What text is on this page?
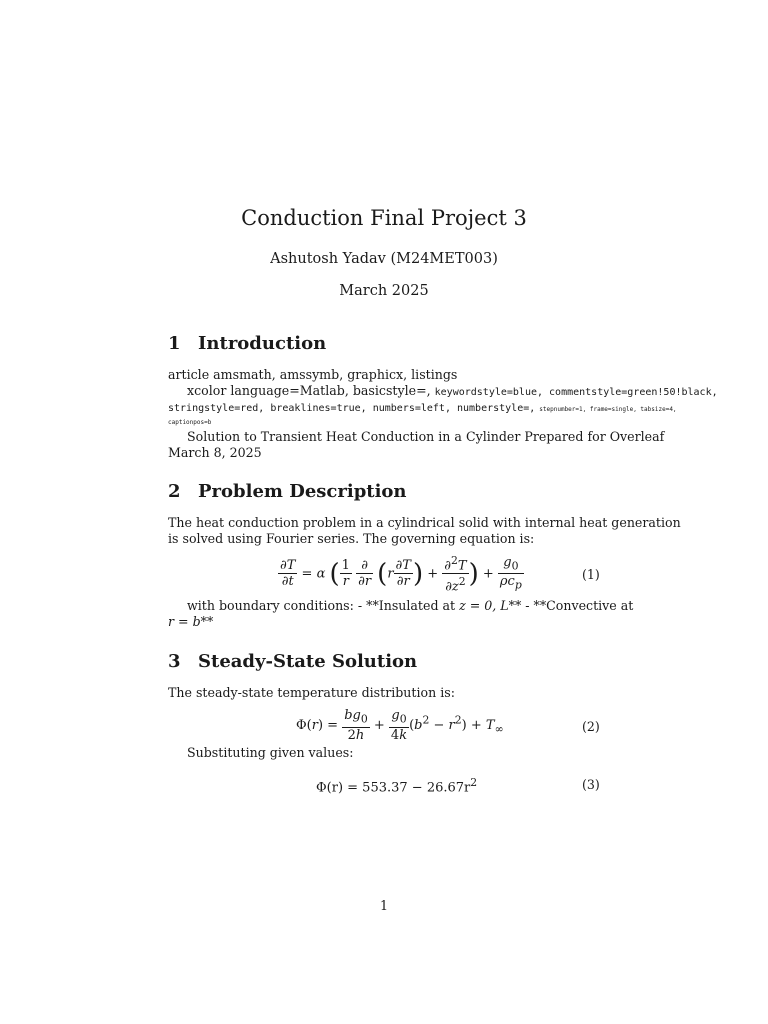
Conduction Final Project 3
Ashutosh Yadav (M24MET003)
March 2025
1 Introduction
article amsmath, amssymb, graphicx, listings
xcolor language=Matlab, basicstyle=, keywordstyle=blue, commentstyle=green!50!black,
stringstyle=red, breaklines=true, numbers=left, numberstyle=, stepnumber=1, frame=single, tabsize=4,
captionpos=b
Solution to Transient Heat Conduction in a Cylinder Prepared for Overleaf
March 8, 2025
2 Problem Description
The heat conduction problem in a cylindrical solid with internal heat generation
is solved using Fourier series. The governing equation is:
$\frac{\partial T}{\partial t} = \alpha$ ( $\frac{1}{r}$
$\frac{\partial}{\partial r} (r \frac{\partial T}{\partial r}$ ) + $\frac{\partial^2T}{\partial z^2}$ ) + $\frac{g_0}{\rho c_p}$	(1)
with boundary conditions: - **Insulated at z = 0, L** - **Convective at
r = b**
3 Steady-State Solution
The steady-state temperature distribution is:
$\Phi(r) = \frac{bg_0}{2h} + \frac{g_0}{4k} (b^2 - r^2) + T_\infty$	(2)
Substituting given values:
$\Phi(r) = 553.37 - 26.67r^2$	(3)
1
